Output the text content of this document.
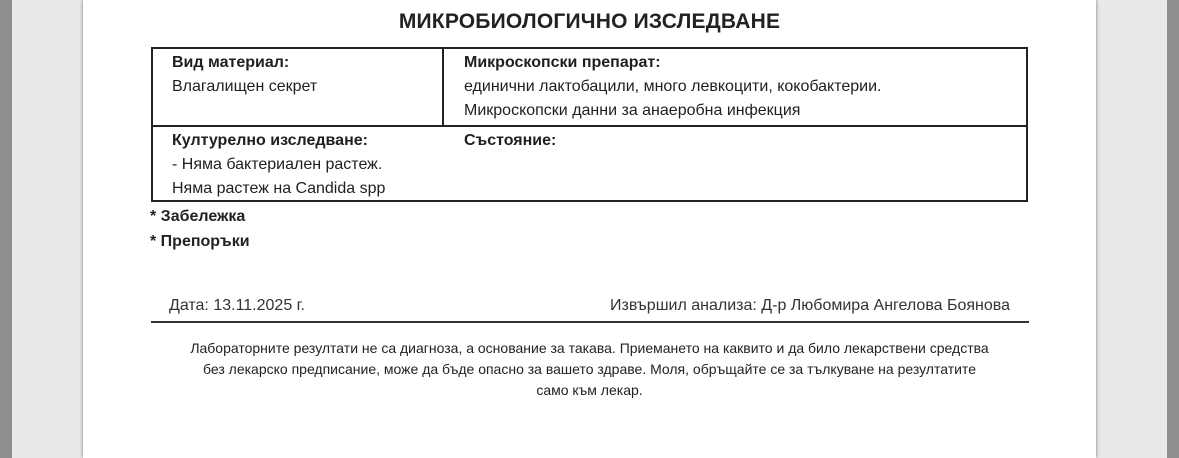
МИКРОБИОЛОГИЧНО ИЗСЛЕДВАНЕ
Вид материал:
Влагалищен секрет
Микроскопски препарат:
единични лактобацили, много левкоцити, кокобактерии.
Микроскопски данни за анаеробна инфекция
Културелно изследване:
- Няма бактериален растеж.
Няма растеж на Candida spp
Състояние:
* Забележка
* Препоръки
Дата: 13.11.2025 г.	Извършил анализа: Д-р Любомира Ангелова Боянова
Лабораторните резултати не са диагноза, а основание за такава. Приемането на каквито и да било лекарствени средства
без лекарско предписание, може да бъде опасно за вашето здраве. Моля, обръщайте се за тълкуване на резултатите
само към лекар.
